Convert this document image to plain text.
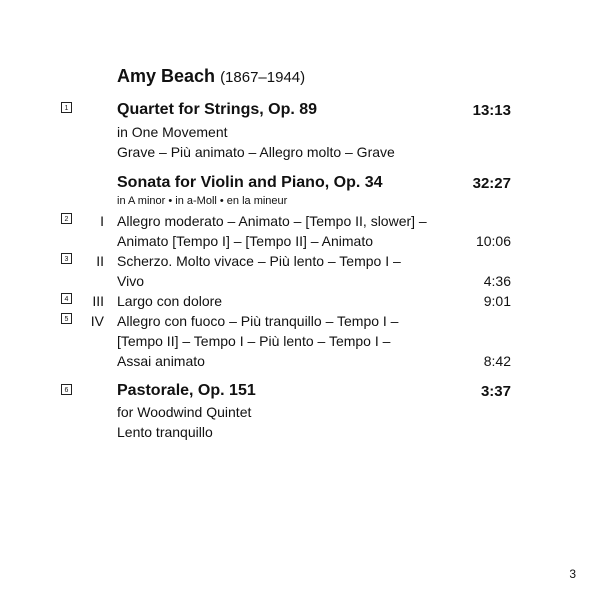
Amy Beach (1867–1944)
1	Quartet for Strings, Op. 89	13:13
in One Movement
Grave – Più animato – Allegro molto – Grave
Sonata for Violin and Piano, Op. 34	32:27
in A minor • in a-Moll • en la mineur
2	I Allegro moderato – Animato – [Tempo II, slower] –
Animato [Tempo I] – [Tempo II] – Animato	10:06
3	II Scherzo. Molto vivace – Più lento – Tempo I –
Vivo	4:36
4	III Largo con dolore	9:01
5	IV Allegro con fuoco – Più tranquillo – Tempo I –
[Tempo II] – Tempo I – Più lento – Tempo I –
Assai animato	8:42
6	Pastorale, Op. 151	3:37
for Woodwind Quintet
Lento tranquillo
3
